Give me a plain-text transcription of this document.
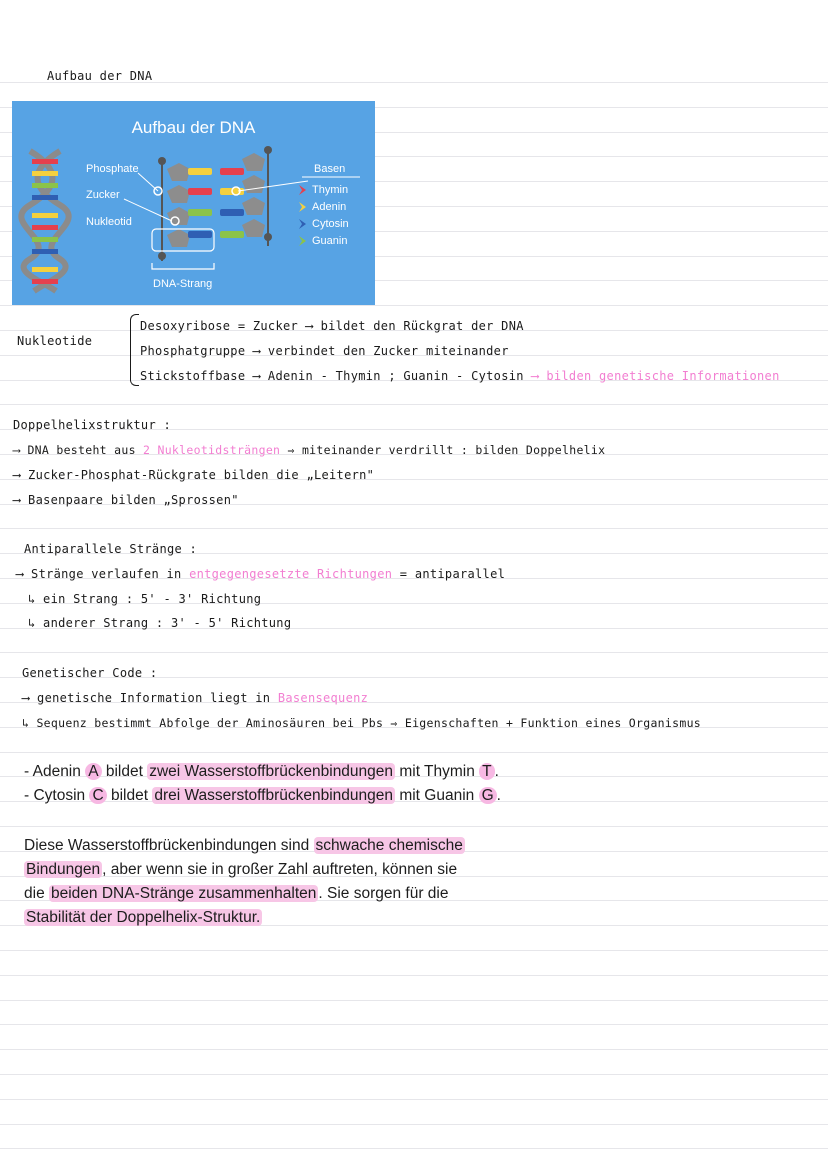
Aufbau der DNA
Aufbau der DNA
Phosphate
Zucker
Nukleotid
Basen
Thymin
Adenin
Cytosin
Guanin
DNA-Strang
Nukleotide
Desoxyribose = Zucker ⟶ bildet den Rückgrat der DNA
Phosphatgruppe ⟶ verbindet den Zucker miteinander
Stickstoffbase ⟶ Adenin - Thymin ; Guanin - Cytosin ⟶ bilden genetische Informationen
Doppelhelixstruktur :
⟶ DNA besteht aus 2 Nukleotidsträngen ⇒ miteinander verdrillt : bilden Doppelhelix
⟶ Zucker-Phosphat-Rückgrate bilden die „Leitern"
⟶ Basenpaare bilden „Sprossen"
Antiparallele Stränge :
⟶ Stränge verlaufen in entgegengesetzte Richtungen = antiparallel
↳ ein Strang : 5' - 3' Richtung
↳ anderer Strang : 3' - 5' Richtung
Genetischer Code :
⟶ genetische Information liegt in Basensequenz
↳ Sequenz bestimmt Abfolge der Aminosäuren bei Pbs ⇒ Eigenschaften + Funktion eines Organismus
- Adenin A bildet zwei Wasserstoffbrückenbindungen mit Thymin T .
- Cytosin C bildet drei Wasserstoffbrückenbindungen mit Guanin G .
Diese Wasserstoffbrückenbindungen sind schwache chemische
Bindungen , aber wenn sie in großer Zahl auftreten, können sie
die beiden DNA-Stränge zusammenhalten . Sie sorgen für die
Stabilität der Doppelhelix-Struktur.
